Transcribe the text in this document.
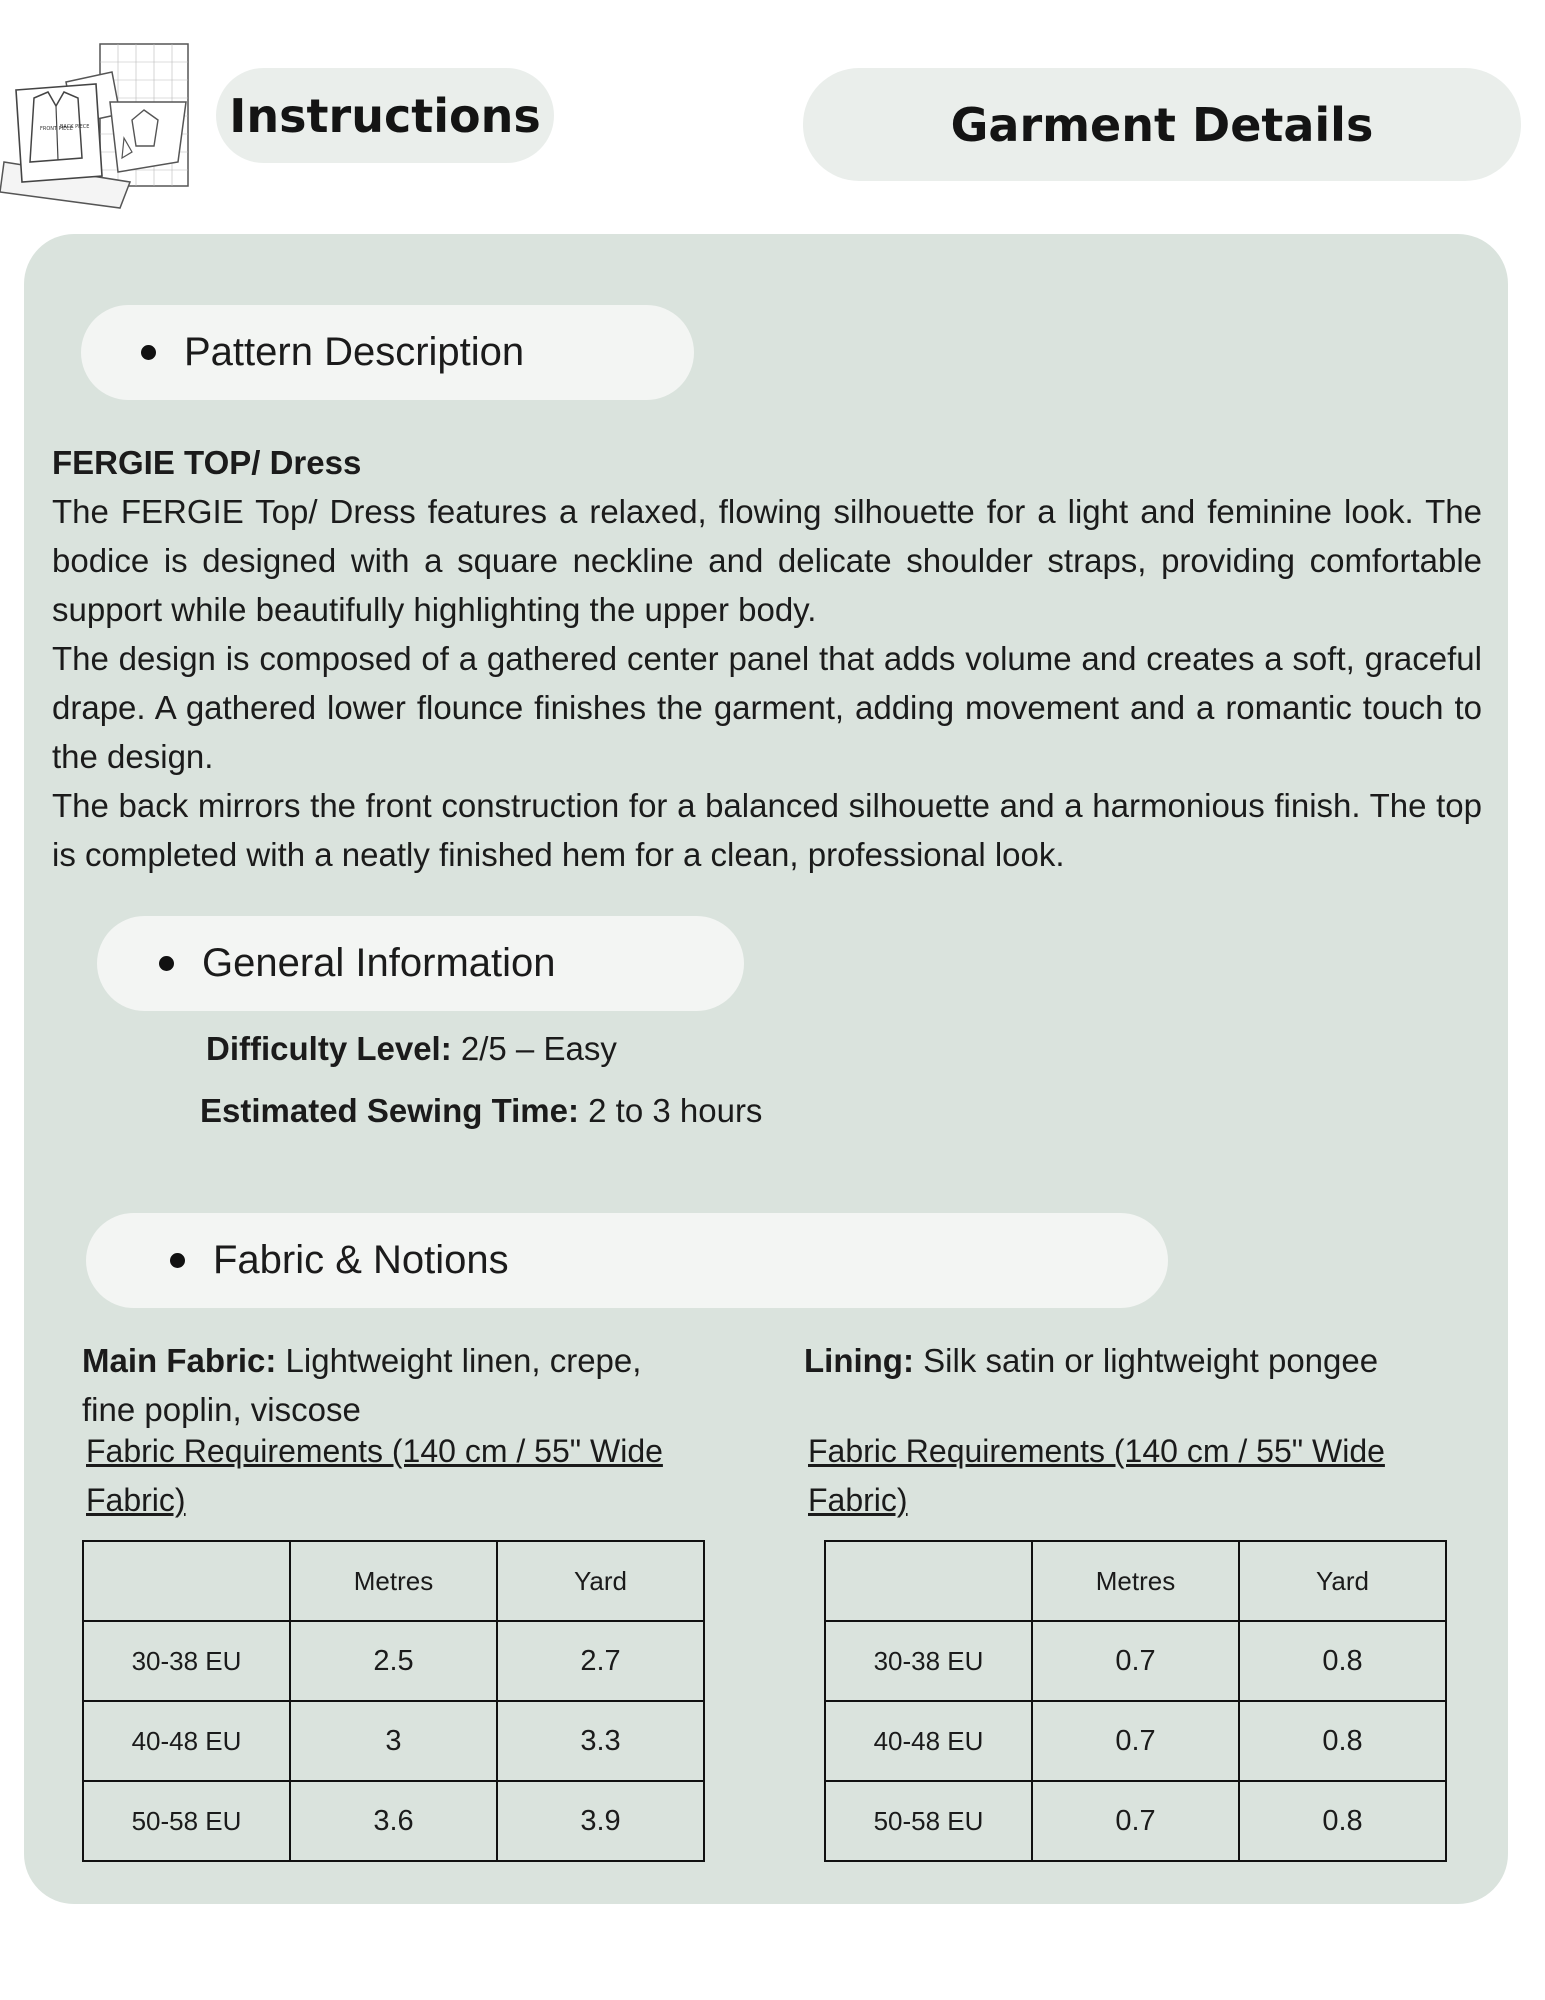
FRONT PIECE
BACK PIECE	Instructions	Garment Details
Pattern Description

FERGIE TOP/ Dress

The FERGIE Top/ Dress features a relaxed, flowing silhouette for a light and feminine look. The bodice is designed with a square neckline and delicate shoulder straps, providing comfortable support while beautifully highlighting the upper body.

The design is composed of a gathered center panel that adds volume and creates a soft, graceful drape. A gathered lower flounce finishes the garment, adding movement and a romantic touch to the design.

The back mirrors the front construction for a balanced silhouette and a harmonious finish. The top is completed with a neatly finished hem for a clean, professional look.

General Information
Difficulty Level: 2/5 – Easy
Estimated Sewing Time: 2 to 3 hours
Fabric & Notions
Main Fabric: Lightweight linen, crepe, fine poplin, viscose
Lining: Silk satin or lightweight pongee
Fabric Requirements (140 cm / 55" Wide Fabric)
Fabric Requirements (140 cm / 55" Wide Fabric)
	Metres	Yard
30-38 EU	2.5	2.7
40-48 EU	3	3.3
50-58 EU	3.6	3.9
	Metres	Yard
30-38 EU	0.7	0.8
40-48 EU	0.7	0.8
50-58 EU	0.7	0.8
